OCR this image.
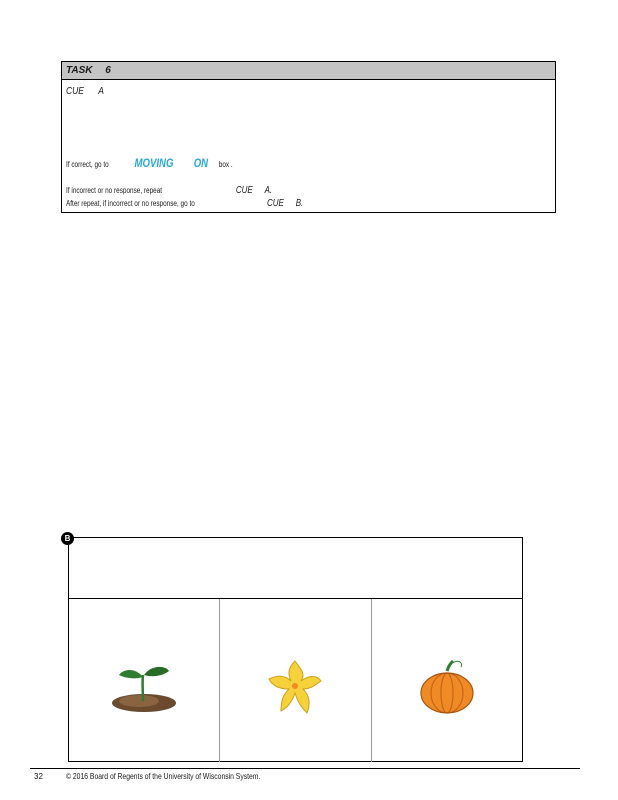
TASK 6
CUE A
If correct, go to MOVING ON box .
If incorrect or no response, repeat	CUE A.
After repeat, if incorrect or no response, go to	CUE B.
B
32	© 2016 Board of Regents of the University of Wisconsin System.
